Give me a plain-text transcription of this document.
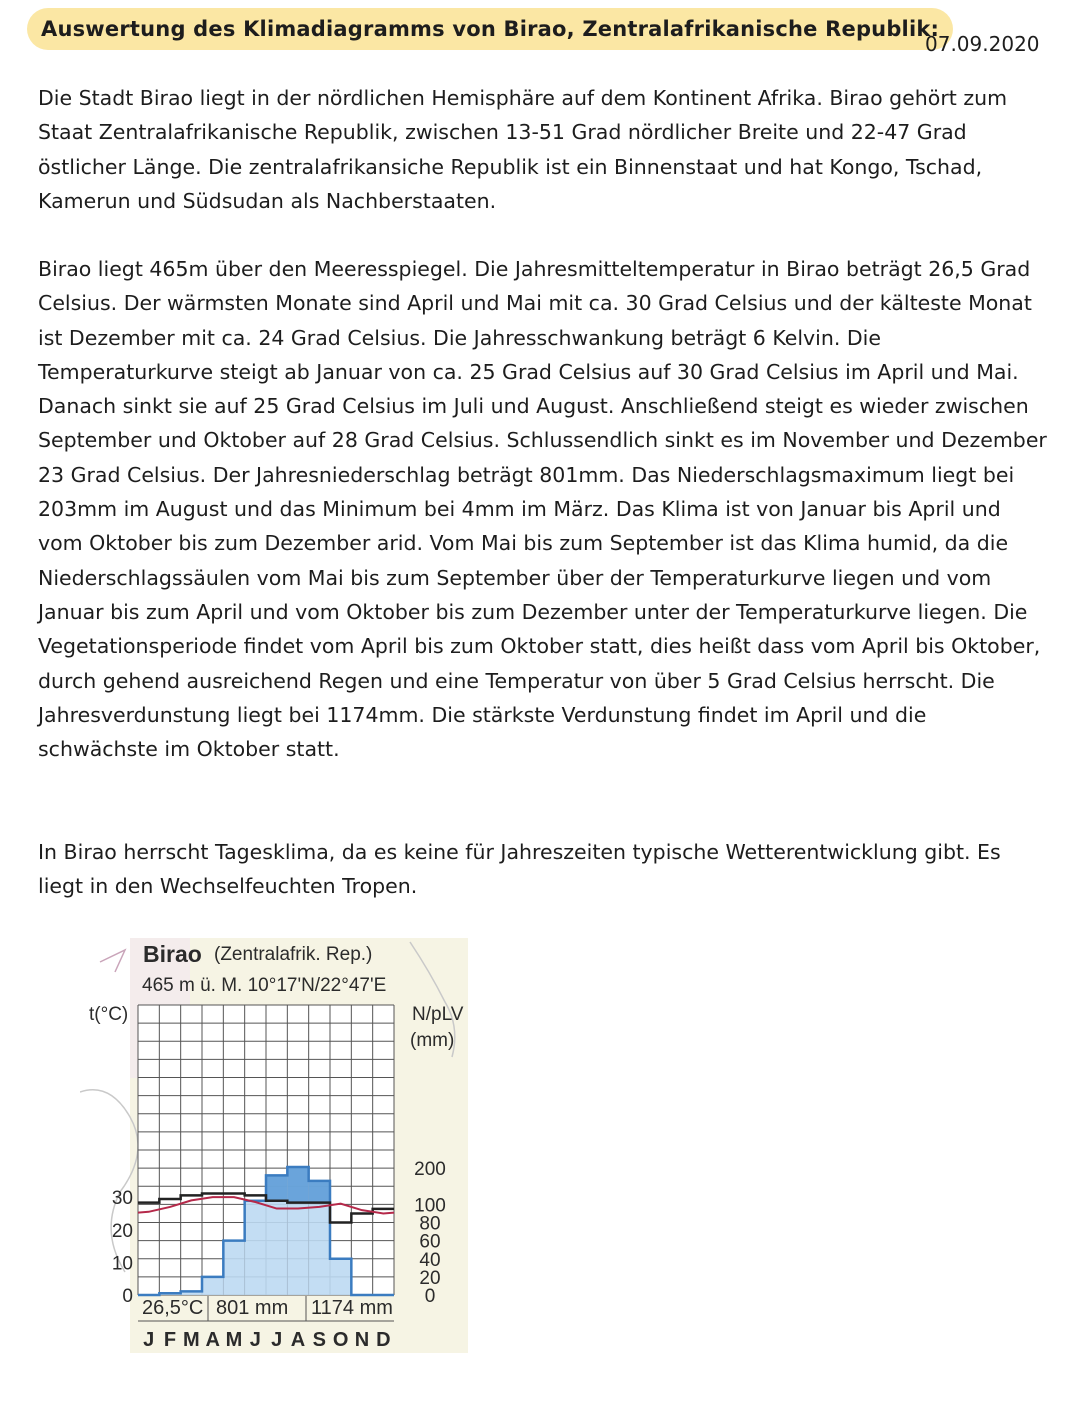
Auswertung des Klimadiagramms von Birao, Zentralafrikanische Republik:
07.09.2020

Die Stadt Birao liegt in der nördlichen Hemisphäre auf dem Kontinent Afrika. Birao gehört zum Staat Zentralafrikanische Republik, zwischen 13-51 Grad nördlicher Breite und 22-47 Grad östlicher Länge. Die zentralafrikansiche Republik ist ein Binnenstaat und hat Kongo, Tschad, Kamerun und Südsudan als Nachberstaaten.

Birao liegt 465m über den Meeresspiegel. Die Jahresmitteltemperatur in Birao beträgt 26,5 Grad Celsius. Der wärmsten Monate sind April und Mai mit ca. 30 Grad Celsius und der kälteste Monat ist Dezember mit ca. 24 Grad Celsius. Die Jahresschwankung beträgt 6 Kelvin. Die Temperaturkurve steigt ab Januar von ca. 25 Grad Celsius auf 30 Grad Celsius im April und Mai. Danach sinkt sie auf 25 Grad Celsius im Juli und August. Anschließend steigt es wieder zwischen September und Oktober auf 28 Grad Celsius. Schlussendlich sinkt es im November und Dezember 23 Grad Celsius. Der Jahresniederschlag beträgt 801mm. Das Niederschlagsmaximum liegt bei 203mm im August und das Minimum bei 4mm im März. Das Klima ist von Januar bis April und vom Oktober bis zum Dezember arid. Vom Mai bis zum September ist das Klima humid, da die Niederschlagssäulen vom Mai bis zum September über der Temperaturkurve liegen und vom Januar bis zum April und vom Oktober bis zum Dezember unter der Temperaturkurve liegen. Die Vegetationsperiode findet vom April bis zum Oktober statt, dies heißt dass vom April bis Oktober, durch gehend ausreichend Regen und eine Temperatur von über 5 Grad Celsius herrscht. Die Jahresverdunstung liegt bei 1174mm. Die stärkste Verdunstung findet im April und die schwächste im Oktober statt.

In Birao herrscht Tagesklima, da es keine für Jahreszeiten typische Wetterentwicklung gibt. Es liegt in den Wechselfeuchten Tropen.

Birao (Zentralafrik. Rep.)
465 m ü. M. 10°17'N/22°47'E
t(°C)	N/pLV
(mm)
30
20
10
0
200
100
80
60
40
20
0
J F M A M J J A S O N D
26,5°C 801 mm 1174 mm
